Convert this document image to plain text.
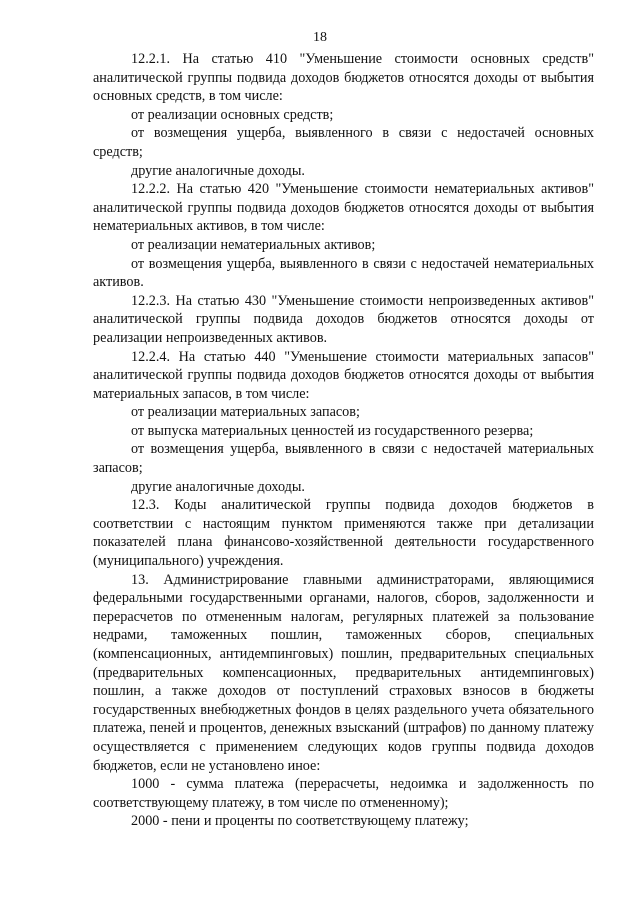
18

12.2.1. На статью 410 "Уменьшение стоимости основных средств" аналитической группы подвида доходов бюджетов относятся доходы от выбытия основных средств, в том числе:

от реализации основных средств;

от возмещения ущерба, выявленного в связи с недостачей основных средств;

другие аналогичные доходы.

12.2.2. На статью 420 "Уменьшение стоимости нематериальных активов" аналитической группы подвида доходов бюджетов относятся доходы от выбытия нематериальных активов, в том числе:

от реализации нематериальных активов;

от возмещения ущерба, выявленного в связи с недостачей нематериальных активов.

12.2.3. На статью 430 "Уменьшение стоимости непроизведенных активов" аналитической группы подвида доходов бюджетов относятся доходы от реализации непроизведенных активов.

12.2.4. На статью 440 "Уменьшение стоимости материальных запасов" аналитической группы подвида доходов бюджетов относятся доходы от выбытия материальных запасов, в том числе:

от реализации материальных запасов;

от выпуска материальных ценностей из государственного резерва;

от возмещения ущерба, выявленного в связи с недостачей материальных запасов;

другие аналогичные доходы.

12.3. Коды аналитической группы подвида доходов бюджетов в соответствии с настоящим пунктом применяются также при детализации показателей плана финансово-хозяйственной деятельности государственного (муниципального) учреждения.

13. Администрирование главными администраторами, являющимися федеральными государственными органами, налогов, сборов, задолженности и перерасчетов по отмененным налогам, регулярных платежей за пользование недрами, таможенных пошлин, таможенных сборов, специальных (компенсационных, антидемпинговых) пошлин, предварительных специальных (предварительных компенсационных, предварительных антидемпинговых) пошлин, а также доходов от поступлений страховых взносов в бюджеты государственных внебюджетных фондов в целях раздельного учета обязательного платежа, пеней и процентов, денежных взысканий (штрафов) по данному платежу осуществляется с применением следующих кодов группы подвида доходов бюджетов, если не установлено иное:

1000 - сумма платежа (перерасчеты, недоимка и задолженность по соответствующему платежу, в том числе по отмененному);

2000 - пени и проценты по соответствующему платежу;
